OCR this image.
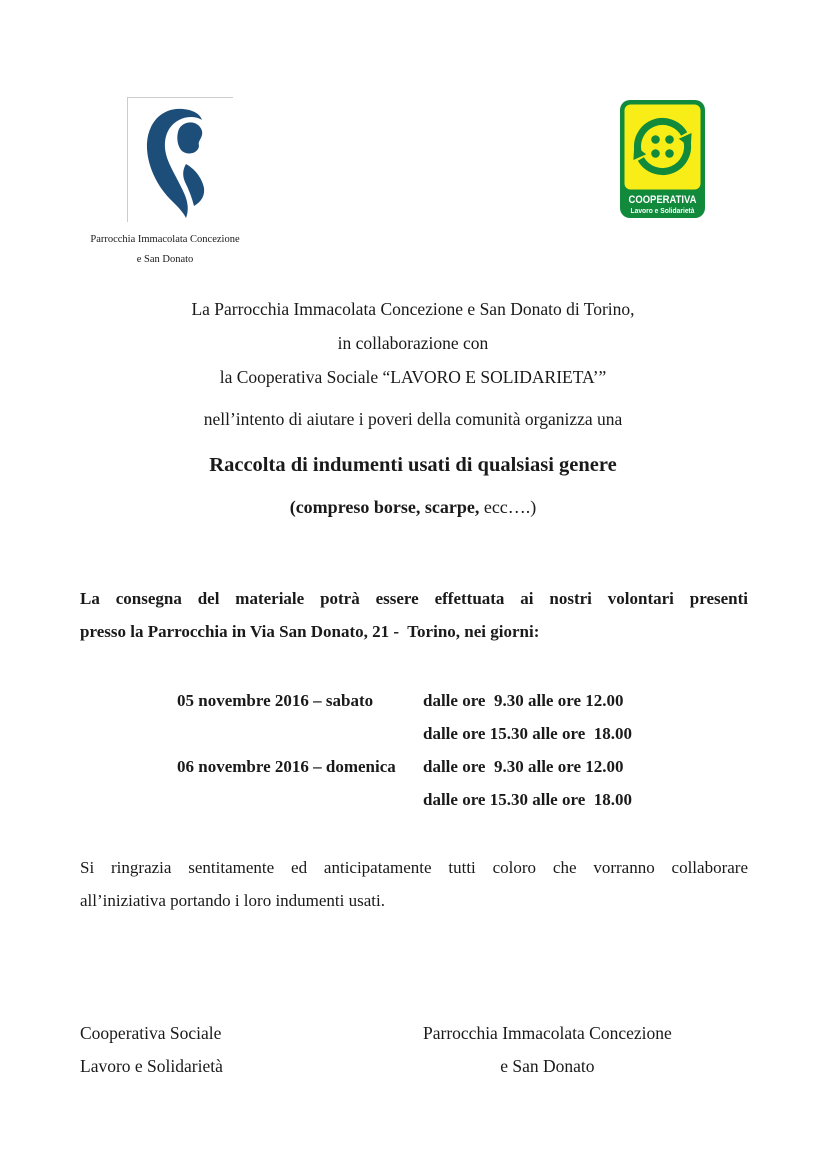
Parrocchia Immacolata Concezione
e San Donato
COOPERATIVA
Lavoro e Solidarietà
La Parrocchia Immacolata Concezione e San Donato di Torino,
in collaborazione con
la Cooperativa Sociale “LAVORO E SOLIDARIETA’”
nell’intento di aiutare i poveri della comunità organizza una
Raccolta di indumenti usati di qualsiasi genere
(compreso borse, scarpe, ecc….)
La consegna del materiale potrà essere effettuata ai nostri volontari presenti
presso la Parrocchia in Via San Donato, 21 -  Torino, nei giorni:
05 novembre 2016 – sabato	dalle ore  9.30 alle ore 12.00
dalle ore 15.30 alle ore  18.00
06 novembre 2016 – domenica	dalle ore  9.30 alle ore 12.00
dalle ore 15.30 alle ore  18.00
Si ringrazia sentitamente ed anticipatamente tutti coloro che vorranno collaborare
all’iniziativa portando i loro indumenti usati.
Cooperativa Sociale
Lavoro e Solidarietà
Parrocchia Immacolata Concezione
e San Donato
